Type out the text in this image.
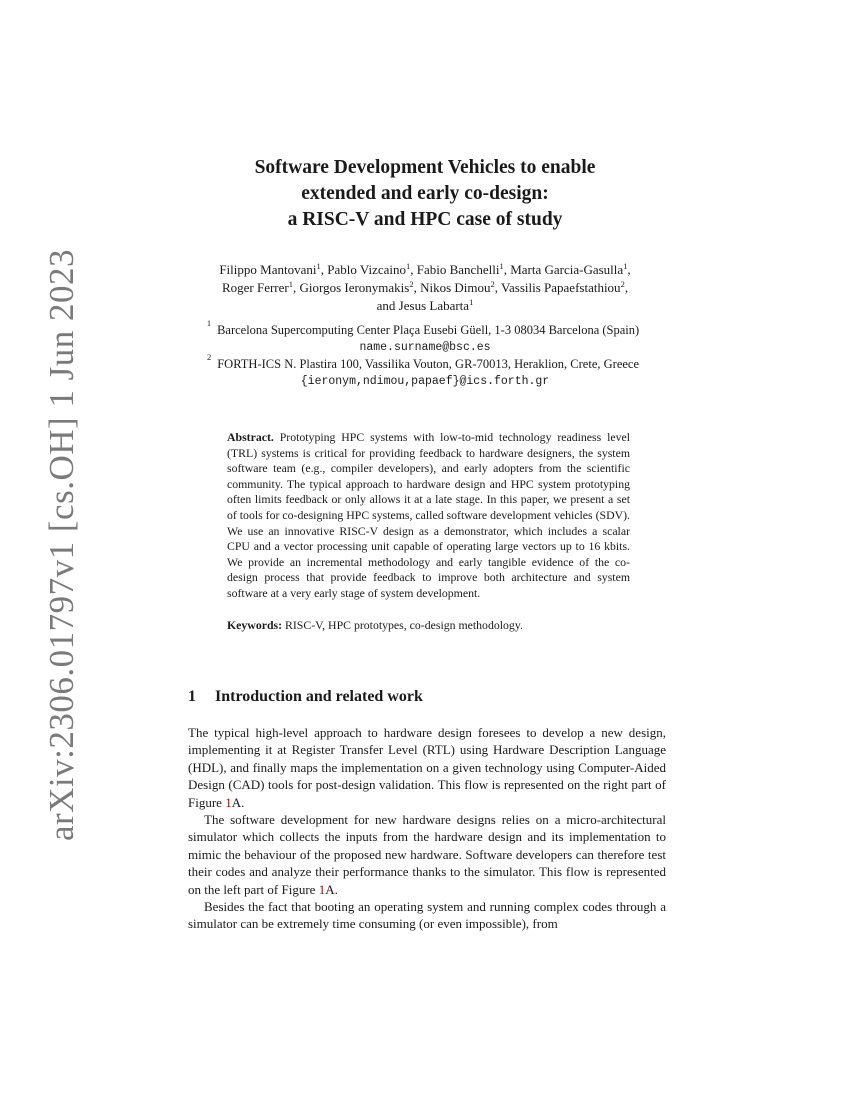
arXiv:2306.01797v1 [cs.OH] 1 Jun 2023
Software Development Vehicles to enable
extended and early co-design:
a RISC-V and HPC case of study
Filippo Mantovani$^1$, Pablo Vizcaino$^1$, Fabio Banchelli$^1$, Marta Garcia-Gasulla$^1$,
Roger Ferrer$^1$, Giorgos Ieronymakis$^2$, Nikos Dimou$^2$, Vassilis Papaefstathiou$^2$,
and Jesus Labarta$^1$
1 Barcelona Supercomputing Center Plaça Eusebi Güell, 1-3 08034 Barcelona (Spain)
name.surname@bsc.es
2 FORTH-ICS N. Plastira 100, Vassilika Vouton, GR-70013, Heraklion, Crete, Greece
{ieronym,ndimou,papaef}@ics.forth.gr

Abstract. Prototyping HPC systems with low-to-mid technology readiness level (TRL) systems is critical for providing feedback to hardware designers, the system software team (e.g., compiler developers), and early adopters from the scientific community. The typical approach to hardware design and HPC system prototyping often limits feedback or only allows it at a late stage. In this paper, we present a set of tools for co-designing HPC systems, called software development vehicles (SDV). We use an innovative RISC-V design as a demonstrator, which includes a scalar CPU and a vector processing unit capable of operating large vectors up to 16 kbits. We provide an incremental methodology and early tangible evidence of the co-design process that provide feedback to improve both architecture and system software at a very early stage of system development.

Keywords: RISC-V, HPC prototypes, co-design methodology.

1 Introduction and related work

The typical high-level approach to hardware design foresees to develop a new design, implementing it at Register Transfer Level (RTL) using Hardware Description Language (HDL), and finally maps the implementation on a given technology using Computer-Aided Design (CAD) tools for post-design validation. This flow is represented on the right part of Figure 1A.

The software development for new hardware designs relies on a micro-architectural simulator which collects the inputs from the hardware design and its implementation to mimic the behaviour of the proposed new hardware. Software developers can therefore test their codes and analyze their performance thanks to the simulator. This flow is represented on the left part of Figure 1A.

Besides the fact that booting an operating system and running complex codes through a simulator can be extremely time consuming (or even impossible), from
